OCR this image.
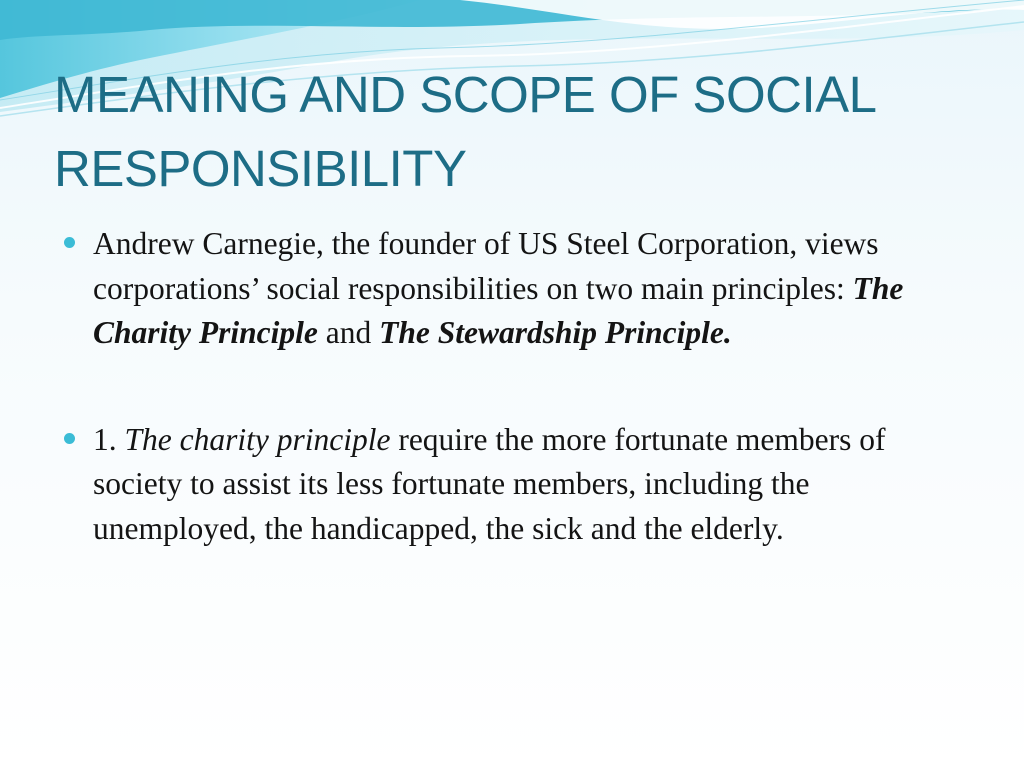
MEANING AND SCOPE OF SOCIAL RESPONSIBILITY
Andrew Carnegie, the founder of US Steel Corporation, views corporations’ social responsibilities on two main principles: The Charity Principle and The Stewardship Principle.
1. The charity principle require the more fortunate members of society to assist its less fortunate members, including the unemployed, the handicapped, the sick and the elderly.
